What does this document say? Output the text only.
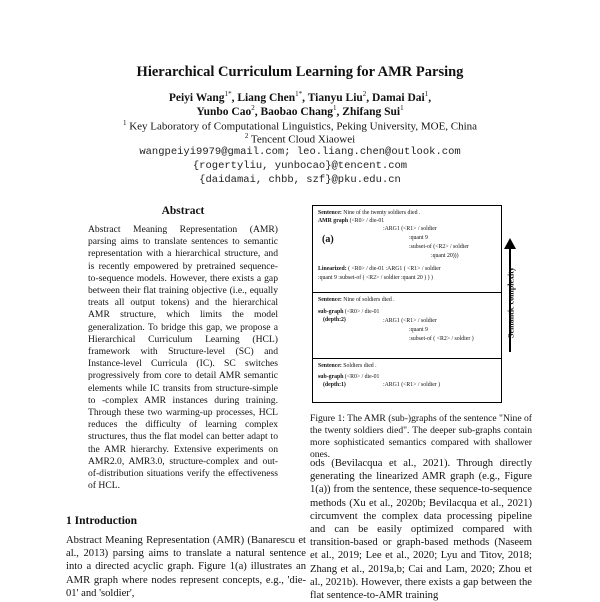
Hierarchical Curriculum Learning for AMR Parsing
Peiyi Wang$^{1*}$, Liang Chen$^{1*}$, Tianyu Liu$^2$, Damai Dai$^1$,
Yunbo Cao$^2$, Baobao Chang$^1$, Zhifang Sui$^1$
$^1$ Key Laboratory of Computational Linguistics, Peking University, MOE, China
$^2$ Tencent Cloud Xiaowei
wangpeiyi9979@gmail.com; leo.liang.chen@outlook.com
{rogertyliu, yunbocao}@tencent.com
{daidamai, chbb, szf}@pku.edu.cn
Abstract
Abstract Meaning Representation (AMR) parsing aims to translate sentences to semantic representation with a hierarchical structure, and is recently empowered by pretrained sequence-to-sequence models. However, there exists a gap between their flat training objective (i.e., equally treats all output tokens) and the hierarchical AMR structure, which limits the model generalization. To bridge this gap, we propose a Hierarchical Curriculum Learning (HCL) framework with Structure-level (SC) and Instance-level Curricula (IC). SC switches progressively from core to detail AMR semantic elements while IC transits from structure-simple to -complex AMR instances during training. Through these two warming-up processes, HCL reduces the difficulty of learning complex structures, thus the flat model can better adapt to the AMR hierarchy. Extensive experiments on AMR2.0, AMR3.0, structure-complex and out-of-distribution situations verify the effectiveness of HCL.
1 Introduction
Abstract Meaning Representation (AMR) (Banarescu et al., 2013) parsing aims to translate a natural sentence into a directed acyclic graph. Figure 1(a) illustrates an AMR graph where nodes represent concepts, e.g., 'die-01' and 'soldier',
Sentence: Nine of the twenty soldiers died .
AMR graph (<R0> / die-01
(a)
:ARG1 (<R1> / soldier
:quant 9
:subset-of (<R2> / soldier
:quant 20)))
Linearized: ( <R0> / die-01 :ARG1 ( <R1> / soldier
:quant 9 :subset-of ( <R2> / soldier :quant 20 ) ) )
Sentence: Nine of soldiers died .
sub-graph (<R0> / die-01
(depth:2)	:ARG1 (<R1> / soldier
:quant 9
:subset-of ( <R2> / soldier )
Sentence: Soldiers died .
sub-graph (<R0> / die-01
(depth:1)	:ARG1 (<R1> / soldier )
Semantic complexity
Figure 1: The AMR (sub-)graphs of the sentence "Nine of the twenty soldiers died". The deeper sub-graphs contain more sophisticated semantics compared with shallower ones.
ods (Bevilacqua et al., 2021). Through directly generating the linearized AMR graph (e.g., Figure 1(a)) from the sentence, these sequence-to-sequence methods (Xu et al., 2020b; Bevilacqua et al., 2021) circumvent the complex data processing pipeline and can be easily optimized compared with transition-based or graph-based methods (Naseem et al., 2019; Lee et al., 2020; Lyu and Titov, 2018; Zhang et al., 2019a,b; Cai and Lam, 2020; Zhou et al., 2021b). However, there exists a gap between the flat sentence-to-AMR training
